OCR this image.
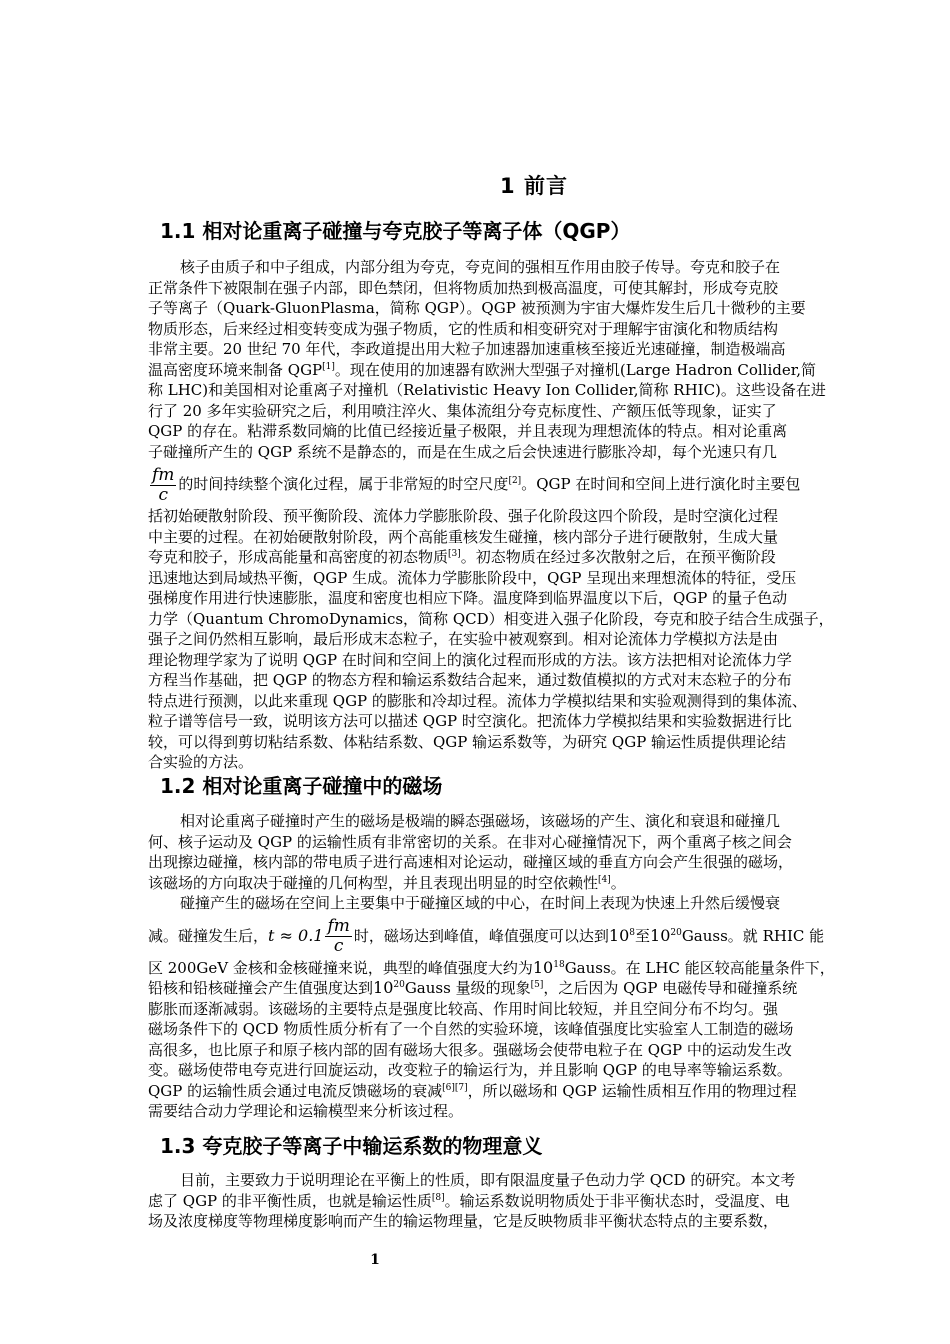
1 前言
1.1 相对论重离子碰撞与夸克胶子等离子体（QGP）
核子由质子和中子组成，内部分组为夸克，夸克间的强相互作用由胶子传导。夸克和胶子在
正常条件下被限制在强子内部，即色禁闭，但将物质加热到极高温度，可使其解封，形成夸克胶
子等离子（Quark-GluonPlasma，简称 QGP）。QGP 被预测为宇宙大爆炸发生后几十微秒的主要
物质形态，后来经过相变转变成为强子物质，它的性质和相变研究对于理解宇宙演化和物质结构
非常主要。20 世纪 70 年代，李政道提出用大粒子加速器加速重核至接近光速碰撞，制造极端高
温高密度环境来制备 QGP[1]。现在使用的加速器有欧洲大型强子对撞机(Large Hadron Collider,简
称 LHC)和美国相对论重离子对撞机（Relativistic Heavy Ion Collider,简称 RHIC)。这些设备在进
行了 20 多年实验研究之后，利用喷注淬火、集体流组分夸克标度性、产额压低等现象，证实了
QGP 的存在。粘滞系数同熵的比值已经接近量子极限，并且表现为理想流体的特点。相对论重离
子碰撞所产生的 QGP 系统不是静态的，而是在生成之后会快速进行膨胀冷却，每个光速只有几
$\frac{fm}{c}$ 的时间持续整个演化过程，属于非常短的时空尺度[2]。QGP 在时间和空间上进行演化时主要包
括初始硬散射阶段、预平衡阶段、流体力学膨胀阶段、强子化阶段这四个阶段，是时空演化过程
中主要的过程。在初始硬散射阶段，两个高能重核发生碰撞，核内部分子进行硬散射，生成大量
夸克和胶子，形成高能量和高密度的初态物质[3]。初态物质在经过多次散射之后，在预平衡阶段
迅速地达到局域热平衡，QGP 生成。流体力学膨胀阶段中，QGP 呈现出来理想流体的特征，受压
强梯度作用进行快速膨胀，温度和密度也相应下降。温度降到临界温度以下后，QGP 的量子色动
力学（Quantum ChromoDynamics，简称 QCD）相变进入强子化阶段，夸克和胶子结合生成强子，
强子之间仍然相互影响，最后形成末态粒子，在实验中被观察到。相对论流体力学模拟方法是由
理论物理学家为了说明 QGP 在时间和空间上的演化过程而形成的方法。该方法把相对论流体力学
方程当作基础，把 QGP 的物态方程和输运系数结合起来，通过数值模拟的方式对末态粒子的分布
特点进行预测，以此来重现 QGP 的膨胀和冷却过程。流体力学模拟结果和实验观测得到的集体流、
粒子谱等信号一致，说明该方法可以描述 QGP 时空演化。把流体力学模拟结果和实验数据进行比
较，可以得到剪切粘结系数、体粘结系数、QGP 输运系数等，为研究 QGP 输运性质提供理论结
合实验的方法。
1.2 相对论重离子碰撞中的磁场
相对论重离子碰撞时产生的磁场是极端的瞬态强磁场，该磁场的产生、演化和衰退和碰撞几
何、核子运动及 QGP 的运输性质有非常密切的关系。在非对心碰撞情况下，两个重离子核之间会
出现擦边碰撞，核内部的带电质子进行高速相对论运动，碰撞区域的垂直方向会产生很强的磁场，
该磁场的方向取决于碰撞的几何构型，并且表现出明显的时空依赖性[4]。
碰撞产生的磁场在空间上主要集中于碰撞区域的中心，在时间上表现为快速上升然后缓慢衰
减。碰撞发生后，$t \approx 0.1 \frac{fm}{c}$ 时，磁场达到峰值，峰值强度可以达到$10^8$至$10^{20}Gauss$。就 RHIC 能
区 200GeV 金核和金核碰撞来说，典型的峰值强度大约为$10^{18}Gauss$。在 LHC 能区较高能量条件下，
铅核和铅核碰撞会产生值强度达到$10^{20}Gauss$ 量级的现象[5]，之后因为 QGP 电磁传导和碰撞系统
膨胀而逐渐减弱。该磁场的主要特点是强度比较高、作用时间比较短，并且空间分布不均匀。强
磁场条件下的 QCD 物质性质分析有了一个自然的实验环境，该峰值强度比实验室人工制造的磁场
高很多，也比原子和原子核内部的固有磁场大很多。强磁场会使带电粒子在 QGP 中的运动发生改
变。磁场使带电夸克进行回旋运动，改变粒子的输运行为，并且影响 QGP 的电导率等输运系数。
QGP 的运输性质会通过电流反馈磁场的衰减[6][7]，所以磁场和 QGP 运输性质相互作用的物理过程
需要结合动力学理论和运输模型来分析该过程。
1.3 夸克胶子等离子中输运系数的物理意义
目前，主要致力于说明理论在平衡上的性质，即有限温度量子色动力学 QCD 的研究。本文考
虑了 QGP 的非平衡性质，也就是输运性质[8]。输运系数说明物质处于非平衡状态时，受温度、电
场及浓度梯度等物理梯度影响而产生的输运物理量，它是反映物质非平衡状态特点的主要系数，
1
